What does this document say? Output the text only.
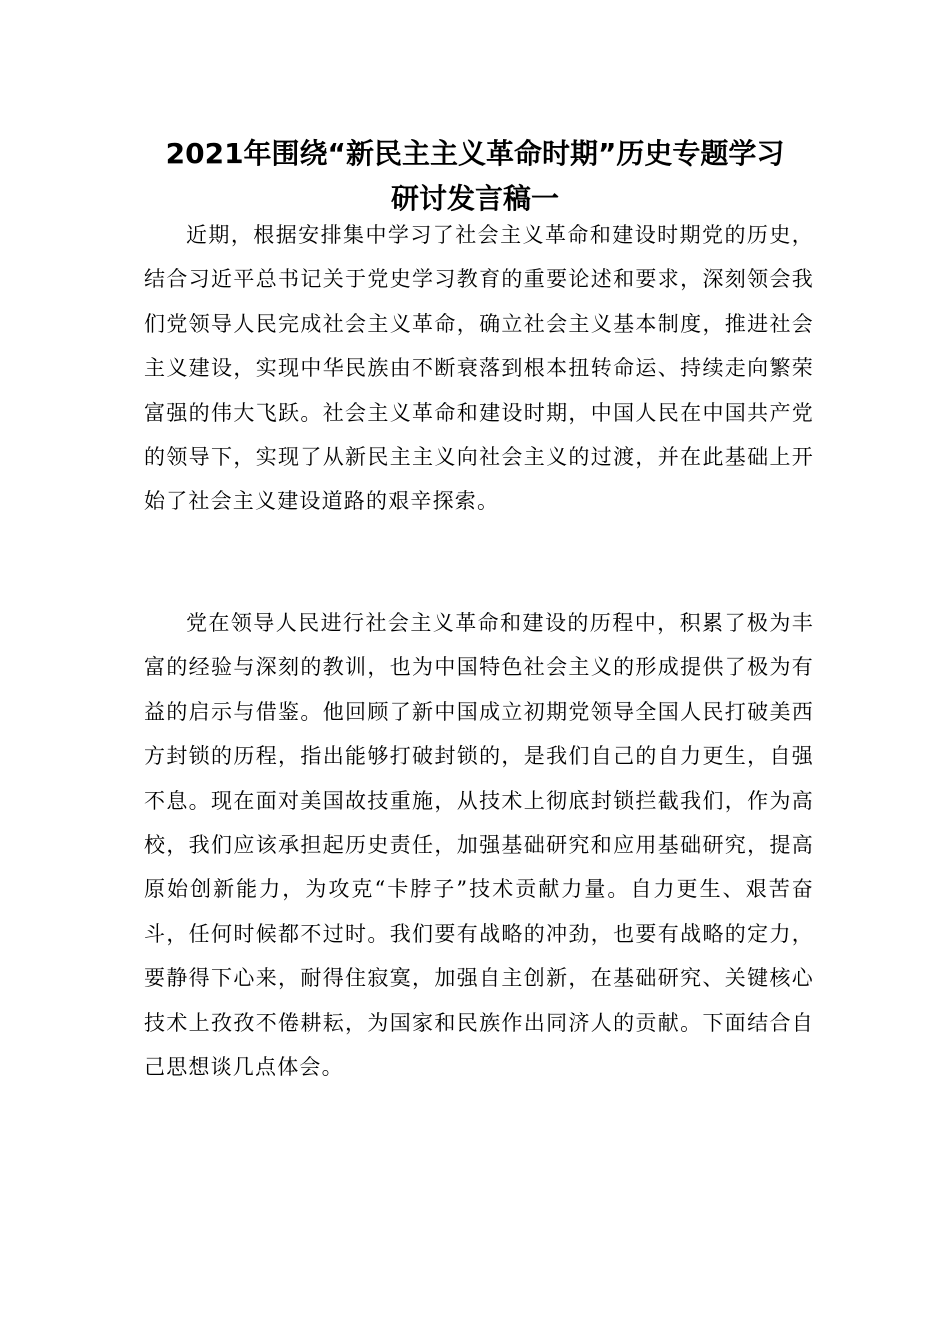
2021年围绕“新民主主义革命时期”历史专题学习
研讨发言稿一

近期，根据安排集中学习了社会主义革命和建设时期党的历史，结合习近平总书记关于党史学习教育的重要论述和要求，深刻领会我们党领导人民完成社会主义革命，确立社会主义基本制度，推进社会主义建设，实现中华民族由不断衰落到根本扭转命运、持续走向繁荣富强的伟大飞跃。社会主义革命和建设时期，中国人民在中国共产党的领导下，实现了从新民主主义向社会主义的过渡，并在此基础上开始了社会主义建设道路的艰辛探索。

党在领导人民进行社会主义革命和建设的历程中，积累了极为丰富的经验与深刻的教训，也为中国特色社会主义的形成提供了极为有益的启示与借鉴。他回顾了新中国成立初期党领导全国人民打破美西方封锁的历程，指出能够打破封锁的，是我们自己的自力更生，自强不息。现在面对美国故技重施，从技术上彻底封锁拦截我们，作为高校，我们应该承担起历史责任，加强基础研究和应用基础研究，提高原始创新能力，为攻克“卡脖子”技术贡献力量。自力更生、艰苦奋斗，任何时候都不过时。我们要有战略的冲劲，也要有战略的定力，要静得下心来，耐得住寂寞，加强自主创新，在基础研究、关键核心技术上孜孜不倦耕耘，为国家和民族作出同济人的贡献。下面结合自己思想谈几点体会。
